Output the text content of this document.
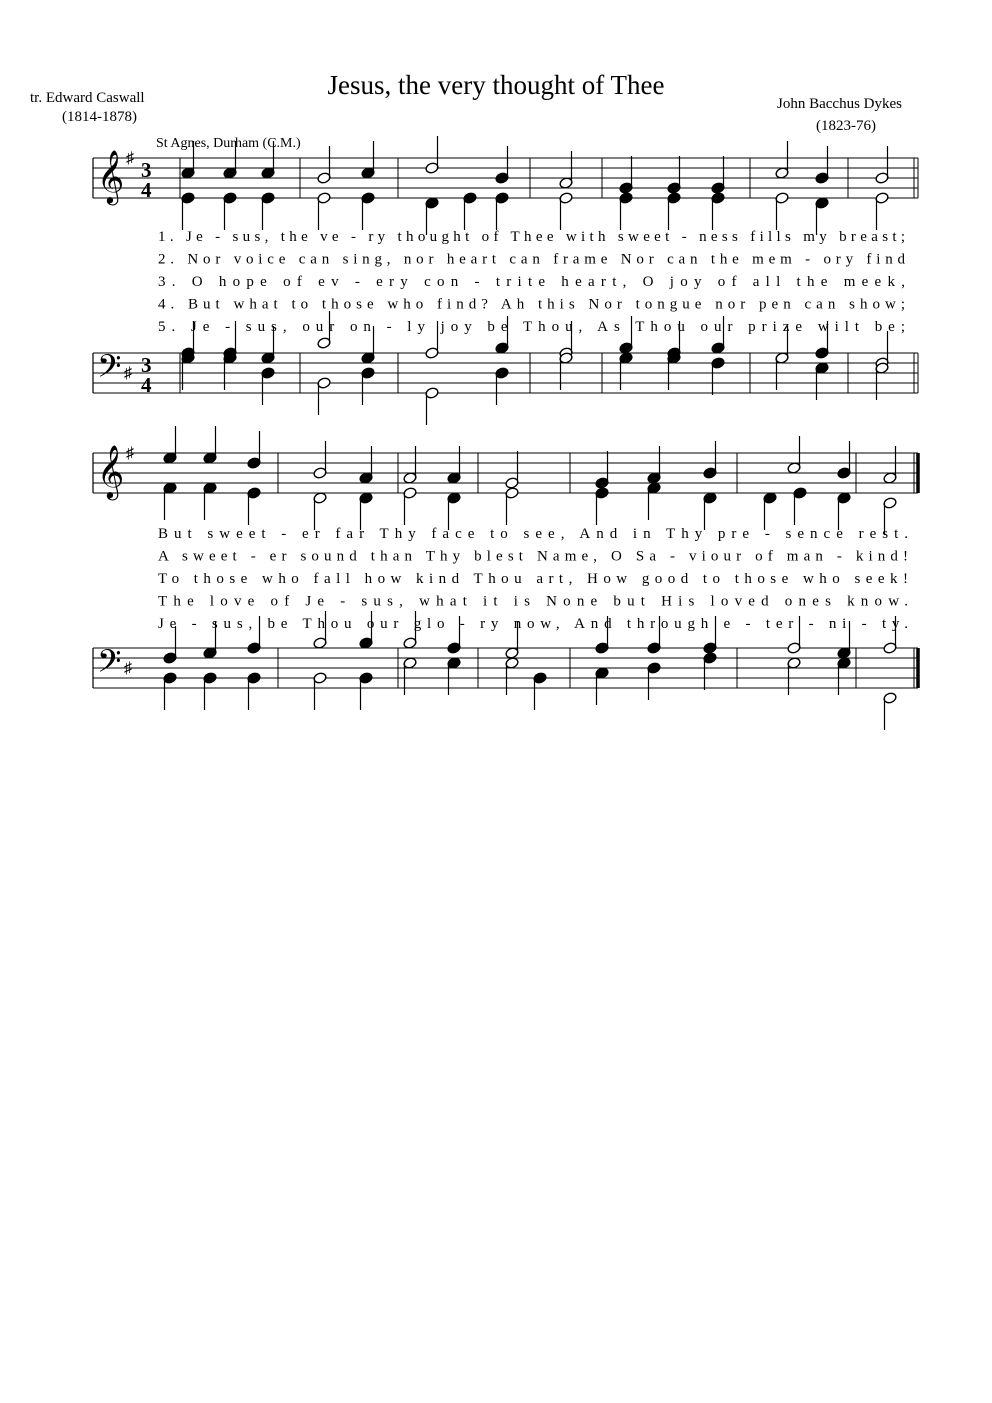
Jesus, the very thought of Thee
tr. Edward Caswall
(1814-1878)
John Bacchus Dykes
(1823-76)
St Agnes, Durham (C.M.)
𝄞
𝄢
𝄞
𝄢
♯
♯
♯
♯
3
4
3
4
1. Je - sus, the ve - ry thought of Thee with sweet - ness fills my breast;
2. Nor voice can sing, nor heart can frame Nor can the mem - ory find
3. O hope of ev - ery con - trite heart, O joy of all the meek,
4. But what to those who find? Ah this Nor tongue nor pen can show;
5. Je - sus, our on - ly joy be Thou, As Thou our prize wilt be;
But sweet - er far Thy face to see, And in Thy pre - sence rest.
A sweet - er sound than Thy blest Name, O Sa - viour of man - kind!
To those who fall how kind Thou art, How good to those who seek!
The love of Je - sus, what it is None but His loved ones know.
Je - sus, be Thou our glo - ry now, And through e - ter - ni - ty.
